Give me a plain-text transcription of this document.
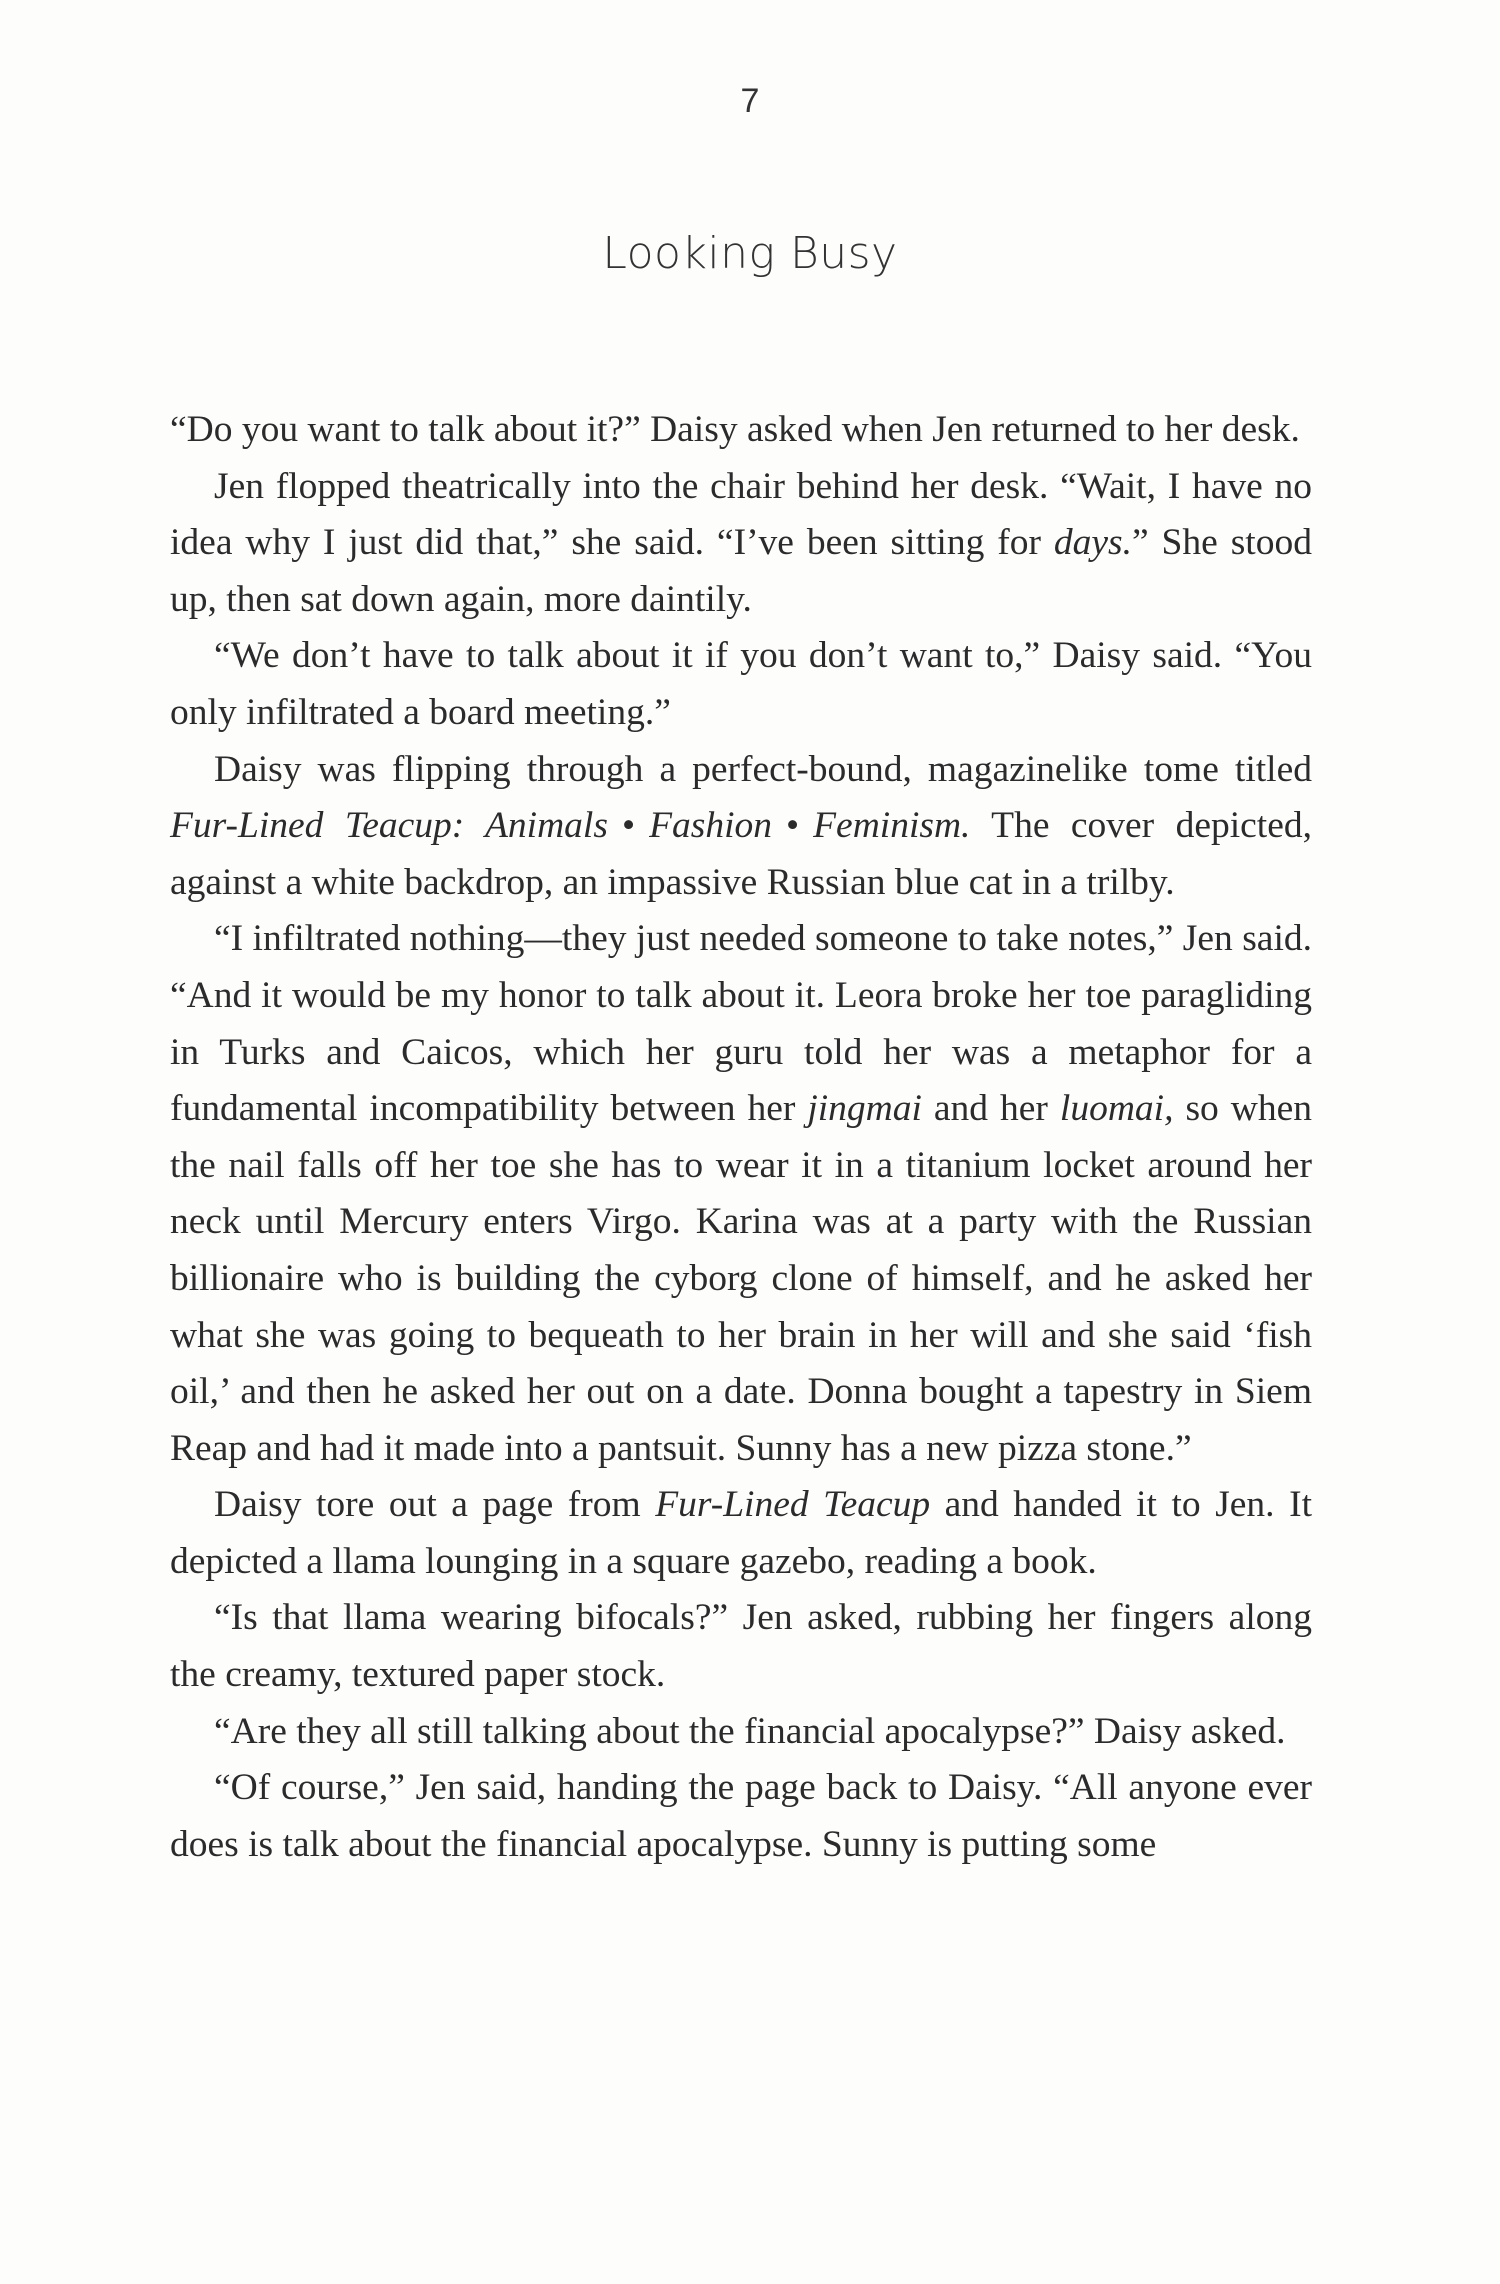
7
Looking Busy

“Do you want to talk about it?” Daisy asked when Jen returned to her desk.

Jen flopped theatrically into the chair behind her desk. “Wait, I have no idea why I just did that,” she said. “I’ve been sitting for days.” She stood up, then sat down again, more daintily.

“We don’t have to talk about it if you don’t want to,” Daisy said. “You only infiltrated a board meeting.”

Daisy was flipping through a perfect-bound, magazinelike tome titled Fur-Lined Teacup: Animals • Fashion • Feminism. The cover depicted, against a white backdrop, an impassive Russian blue cat in a trilby.

“I infiltrated nothing—they just needed someone to take notes,” Jen said. “And it would be my honor to talk about it. Leora broke her toe paragliding in Turks and Caicos, which her guru told her was a metaphor for a fundamental incompatibility between her jingmai and her luomai, so when the nail falls off her toe she has to wear it in a titanium locket around her neck until Mercury enters Virgo. Karina was at a party with the Russian billionaire who is building the cyborg clone of himself, and he asked her what she was going to bequeath to her brain in her will and she said ‘fish oil,’ and then he asked her out on a date. Donna bought a tapestry in Siem Reap and had it made into a pantsuit. Sunny has a new pizza stone.”

Daisy tore out a page from Fur-Lined Teacup and handed it to Jen. It depicted a llama lounging in a square gazebo, reading a book.

“Is that llama wearing bifocals?” Jen asked, rubbing her fingers along the creamy, textured paper stock.

“Are they all still talking about the financial apocalypse?” Daisy asked.

“Of course,” Jen said, handing the page back to Daisy. “All anyone ever does is talk about the financial apocalypse. Sunny is putting some
